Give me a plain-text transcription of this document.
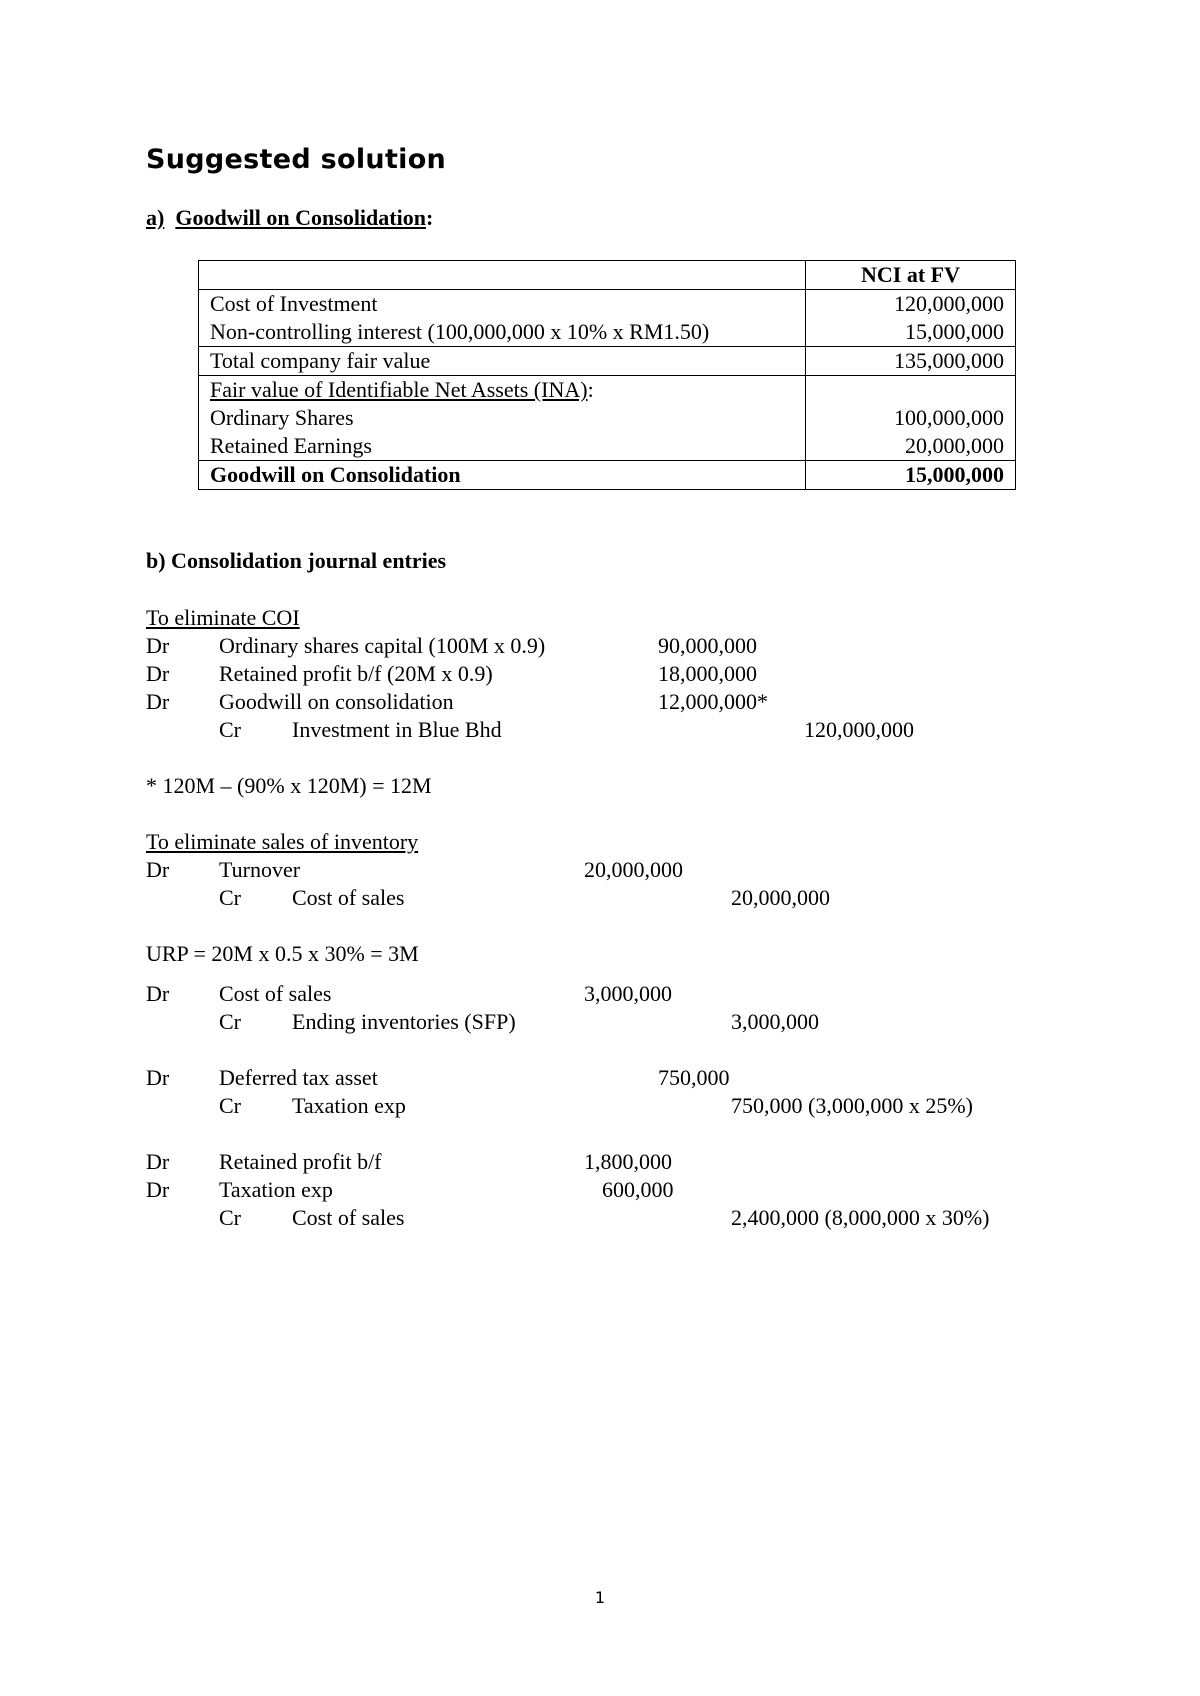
Suggested solution
a) Goodwill on Consolidation:
	NCI at FV
Cost of Investment	120,000,000
Non-controlling interest (100,000,000 x 10% x RM1.50)	15,000,000
Total company fair value	135,000,000
Fair value of Identifiable Net Assets (INA):	
Ordinary Shares	100,000,000
Retained Earnings	20,000,000
Goodwill on Consolidation	15,000,000
b) Consolidation journal entries
To eliminate COI
Dr Ordinary shares capital (100M x 0.9)	90,000,000
Dr Retained profit b/f (20M x 0.9)	18,000,000
Dr Goodwill on consolidation	12,000,000*
Cr Investment in Blue Bhd	120,000,000
* 120M – (90% x 120M) = 12M
To eliminate sales of inventory
Dr Turnover	20,000,000
Cr Cost of sales	20,000,000
URP = 20M x 0.5 x 30% = 3M
Dr Cost of sales	3,000,000
Cr Ending inventories (SFP)	3,000,000
Dr Deferred tax asset	750,000
Cr Taxation exp	750,000 (3,000,000 x 25%)
Dr Retained profit b/f	1,800,000
Dr Taxation exp	600,000
Cr Cost of sales	2,400,000 (8,000,000 x 30%)
1
